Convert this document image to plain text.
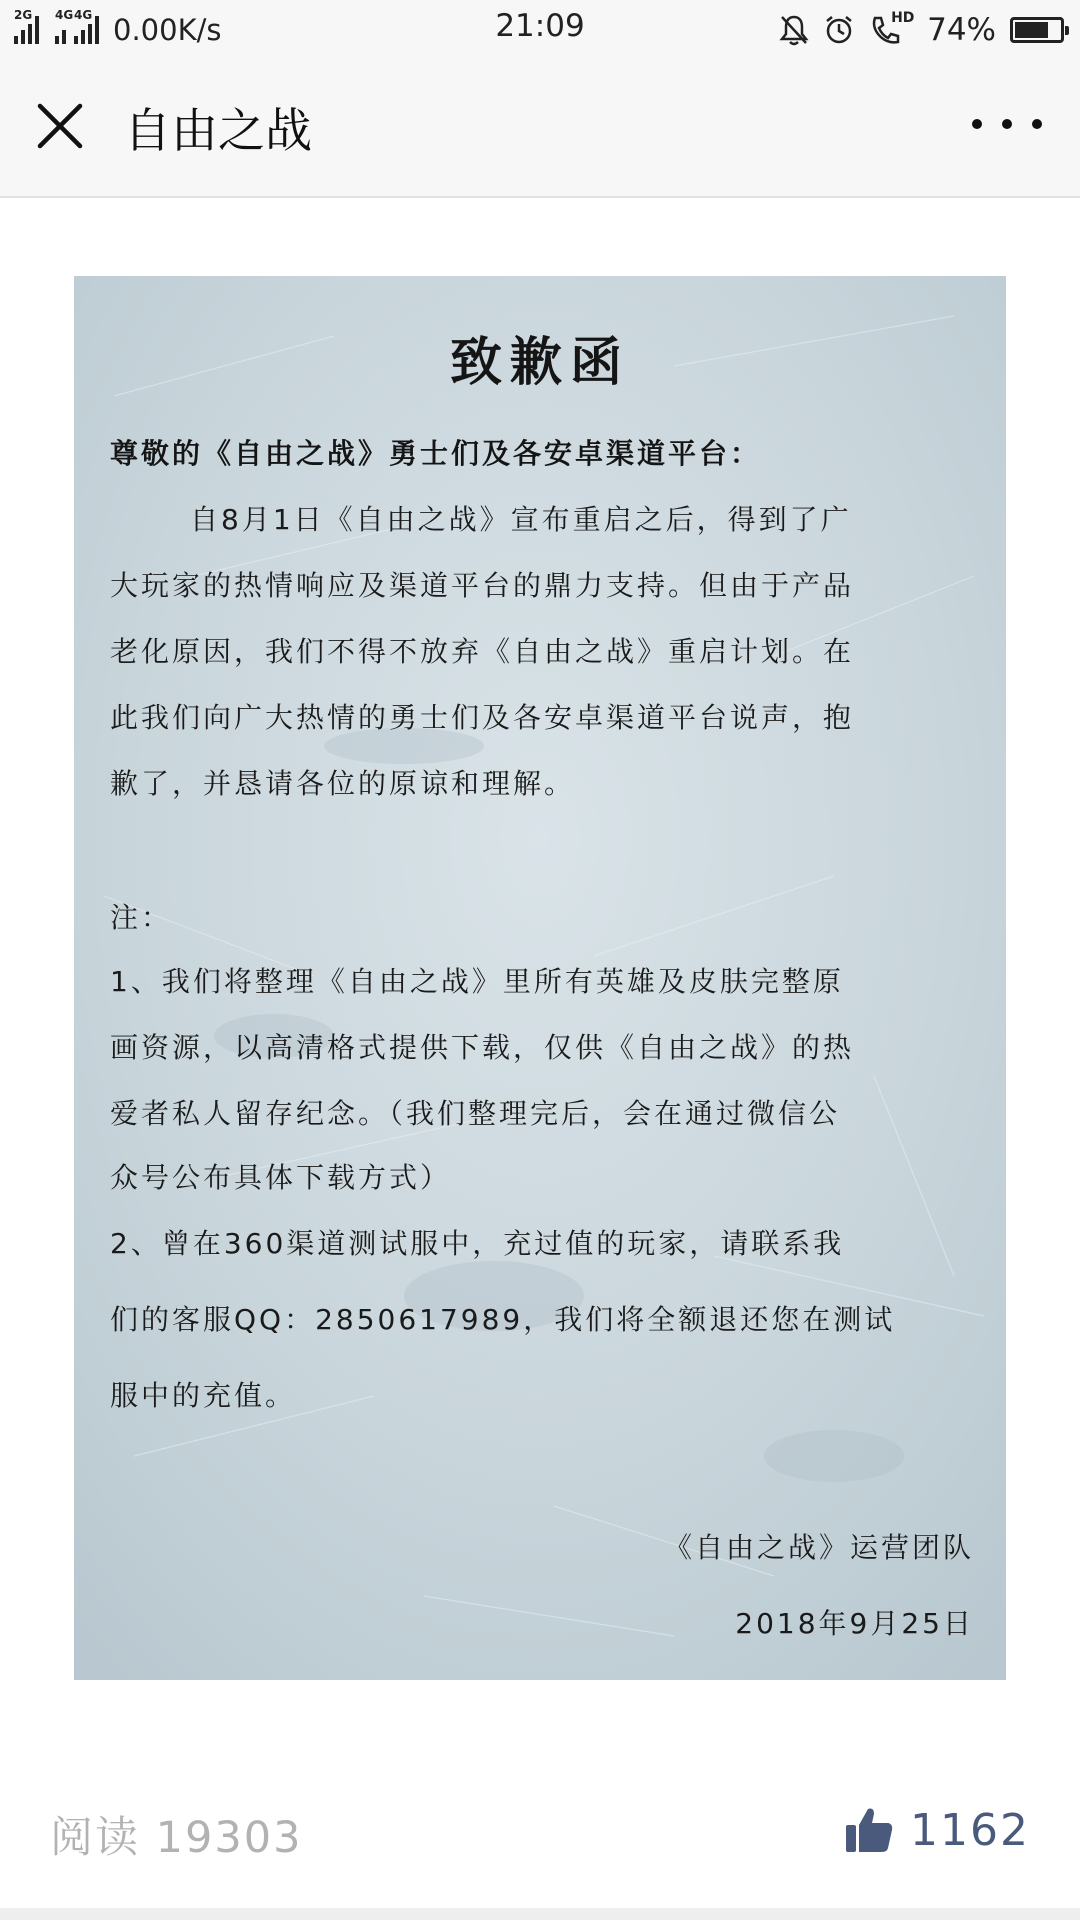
2G 4G 4G 0.00K/s	21:09	HD 74%
自由之战
致歉函
尊敬的《自由之战》勇士们及各安卓渠道平台：
自8月1日《自由之战》宣布重启之后，得到了广
大玩家的热情响应及渠道平台的鼎力支持。但由于产品
老化原因，我们不得不放弃《自由之战》重启计划。在
此我们向广大热情的勇士们及各安卓渠道平台说声，抱
歉了，并恳请各位的原谅和理解。
注：
1、我们将整理《自由之战》里所有英雄及皮肤完整原
画资源，以高清格式提供下载，仅供《自由之战》的热
爱者私人留存纪念。（我们整理完后，会在通过微信公
众号公布具体下载方式）
2、曾在360渠道测试服中，充过值的玩家，请联系我
们的客服QQ：2850617989，我们将全额退还您在测试
服中的充值。
《自由之战》运营团队
2018年9月25日
阅读 19303	1162
